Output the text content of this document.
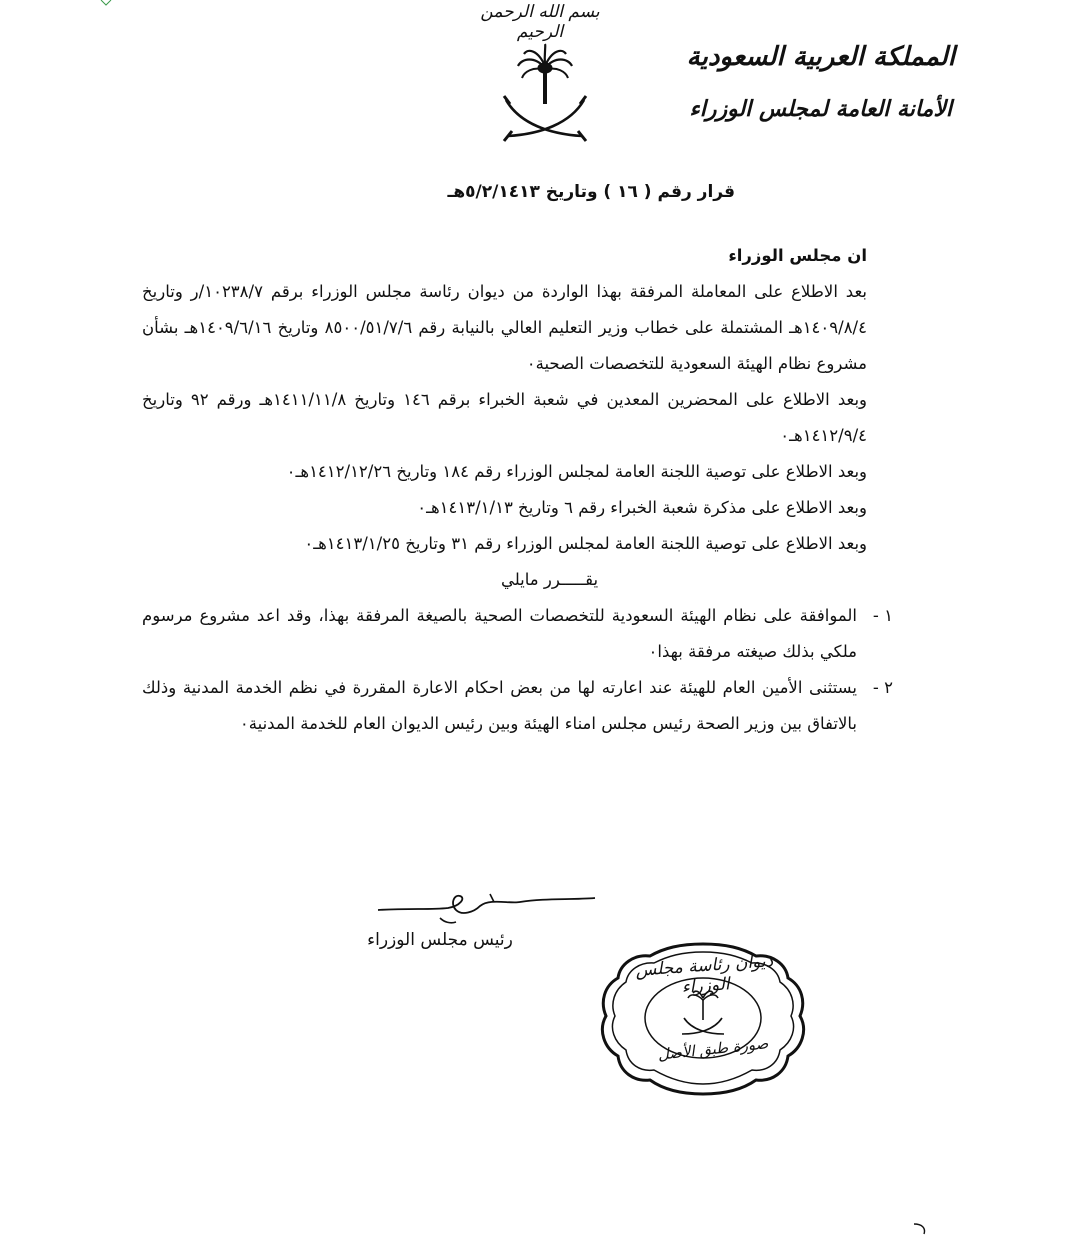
بسم الله الرحمن الرحيم
المملكة العربية السعودية
الأمانة العامة لمجلس الوزراء
قرار رقم ( ١٦ ) وتاريخ ٥/٢/١٤١٣هـ

ان مجلس الوزراء

بعد الاطلاع على المعاملة المرفقة بهذا الواردة من ديوان رئاسة مجلس الوزراء برقم ١٠٢٣٨/٧/ر وتاريخ ١٤٠٩/٨/٤هـ المشتملة على خطاب وزير التعليم العالي بالنيابة رقم ٨٥٠٠/٥١/٧/٦ وتاريخ ١٤٠٩/٦/١٦هـ بشأن مشروع نظام الهيئة السعودية للتخصصات الصحية٠

وبعد الاطلاع على المحضرين المعدين في شعبة الخبراء برقم ١٤٦ وتاريخ ١٤١١/١١/٨هـ ورقم ٩٢ وتاريخ ١٤١٢/٩/٤هـ٠

وبعد الاطلاع على توصية اللجنة العامة لمجلس الوزراء رقم ١٨٤ وتاريخ ١٤١٢/١٢/٢٦هـ٠

وبعد الاطلاع على مذكرة شعبة الخبراء رقم ٦ وتاريخ ١٤١٣/١/١٣هـ٠

وبعد الاطلاع على توصية اللجنة العامة لمجلس الوزراء رقم ٣١ وتاريخ ١٤١٣/١/٢٥هـ٠

يقـــــرر مايلي

١ -
الموافقة على نظام الهيئة السعودية للتخصصات الصحية بالصيغة المرفقة بهذا، وقد اعد مشروع مرسوم ملكي بذلك صيغته مرفقة بهذا٠
٢ -
يستثنى الأمين العام للهيئة عند اعارته لها من بعض احكام الاعارة المقررة في نظم الخدمة المدنية وذلك بالاتفاق بين وزير الصحة رئيس مجلس امناء الهيئة وبين رئيس الديوان العام للخدمة المدنية٠
رئيس مجلس الوزراء
ديوان رئاسة مجلس الوزراء
صورة طبق الأصل
